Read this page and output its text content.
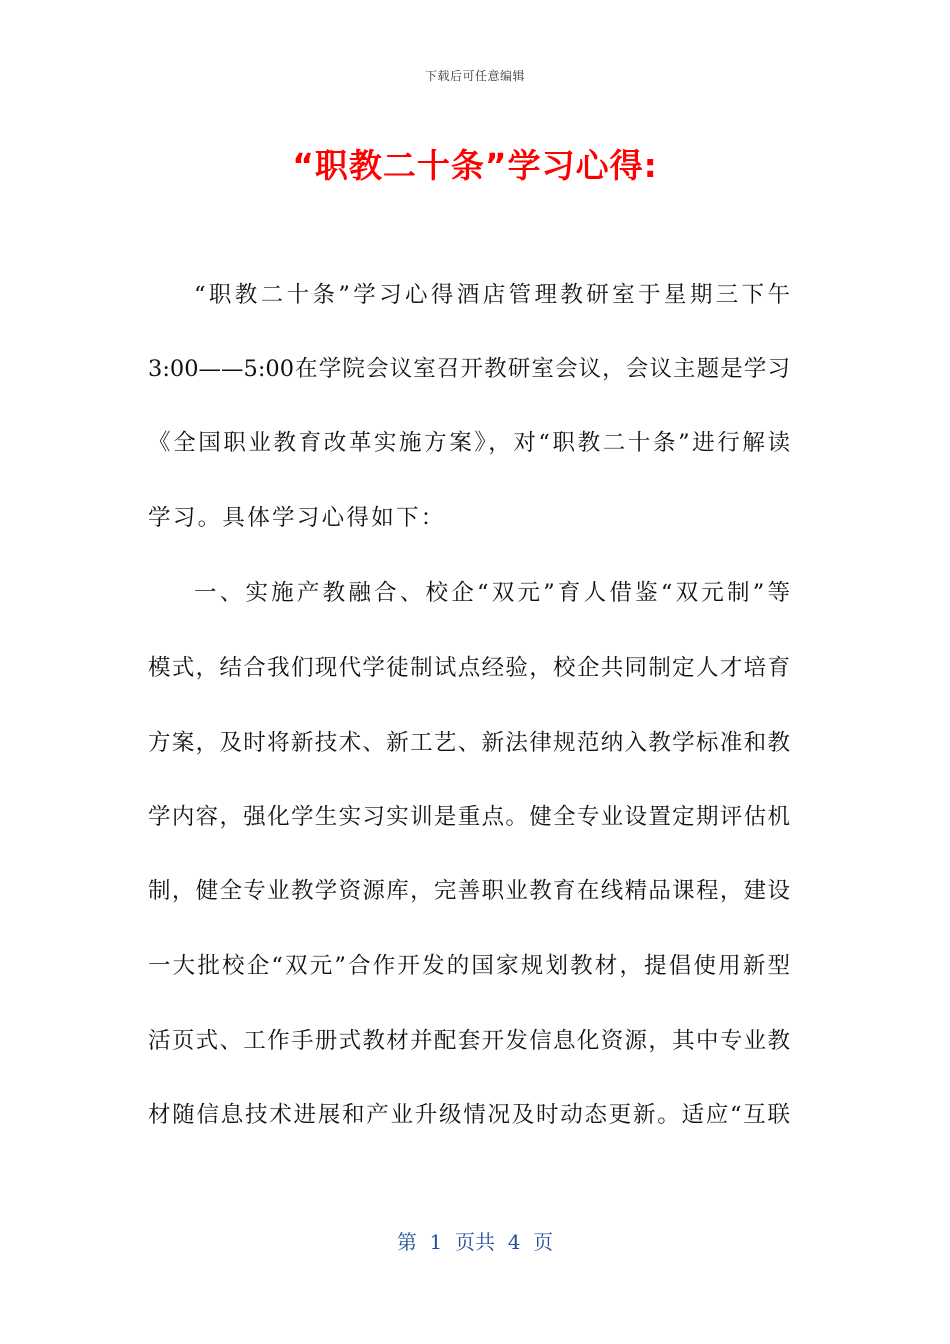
下载后可任意编辑
“职教二十条”学习心得:
“职教二十条”学习心得酒店管理教研室于星期三下午
3:00——5:00在学院会议室召开教研室会议，会议主题是学习
《全国职业教育改革实施方案》，对“职教二十条”进行解读
学习。具体学习心得如下：
一、实施产教融合、校企“双元”育人借鉴“双元制”等
模式，结合我们现代学徒制试点经验，校企共同制定人才培育
方案，及时将新技术、新工艺、新法律规范纳入教学标准和教
学内容，强化学生实习实训是重点。健全专业设置定期评估机
制，健全专业教学资源库，完善职业教育在线精品课程，建设
一大批校企“双元”合作开发的国家规划教材，提倡使用新型
活页式、工作手册式教材并配套开发信息化资源，其中专业教
材随信息技术进展和产业升级情况及时动态更新。适应“互联
第  1  页共  4  页
